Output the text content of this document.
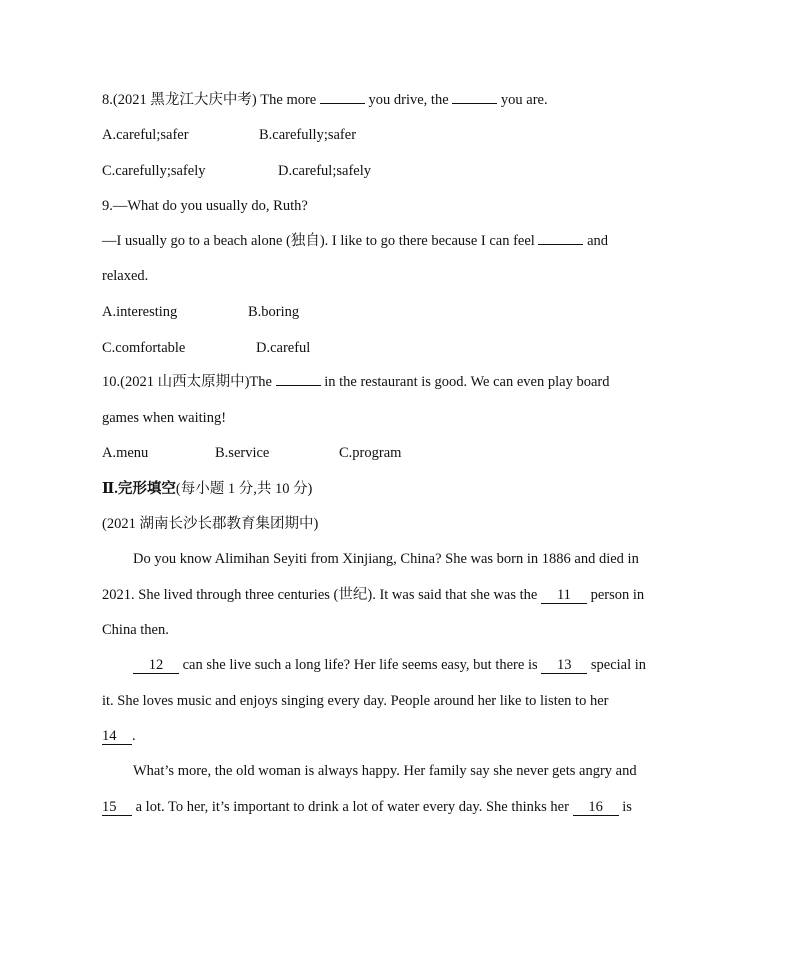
8.(2021 黑龙江大庆中考) The more	you drive, the	you are.
A.careful;safer	B.carefully;safer
C.carefully;safely	D.careful;safely
9.—What do you usually do, Ruth?
—I usually go to a beach alone (独自). I like to go there because I can feel	and
relaxed.
A.interesting	B.boring
C.comfortable	D.careful
10.(2021 山西太原期中)The	in the restaurant is good. We can even play board
games when waiting!
A.menu	B.service	C.program
Ⅱ.完形填空(每小题 1 分,共 10 分)
(2021 湖南长沙长郡教育集团期中)
Do you know Alimihan Seyiti from Xinjiang, China? She was born in 1886 and died in
2021. She lived through three centuries (世纪). It was said that she was the 11 person in
China then.
12 can she live such a long life? Her life seems easy, but there is 13 special in
it. She loves music and enjoys singing every day. People around her like to listen to her
14 .
What’s more, the old woman is always happy. Her family say she never gets angry and
15 a lot. To her, it’s important to drink a lot of water every day. She thinks her 16 is
